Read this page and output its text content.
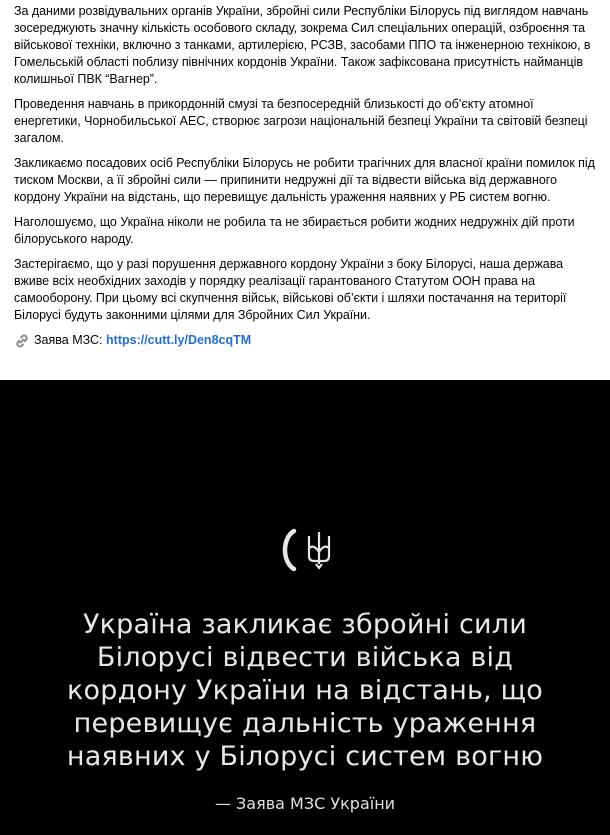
За даними розвідувальних органів України, збройні сили Республіки Білорусь під виглядом навчань зосереджують значну кількість особового складу, зокрема Сил спеціальних операцій, озброєння та військової техніки, включно з танками, артилерією, РСЗВ, засобами ППО та інженерною технікою, в Гомельській області поблизу північних кордонів України. Також зафіксована присутність найманців колишньої ПВК “Вагнер”.

Проведення навчань в прикордонній смузі та безпосередній близькості до об’єкту атомної енергетики, Чорнобильської АЕС, створює загрози національній безпеці України та світовій безпеці загалом.

Закликаємо посадових осіб Республіки Білорусь не робити трагічних для власної країни помилок під тиском Москви, а її збройні сили — припинити недружні дії та відвести війська від державного кордону України на відстань, що перевищує дальність ураження наявних у РБ систем вогню.

Наголошуємо, що Україна ніколи не робила та не збирається робити жодних недружніх дій проти білоруського народу.

Застерігаємо, що у разі порушення державного кордону України з боку Білорусі, наша держава вживе всіх необхідних заходів у порядку реалізації гарантованого Статутом ООН права на самооборону. При цьому всі скупчення військ, військові об’єкти і шляхи постачання на території Білорусі будуть законними цілями для Збройних Сил України.

Заява МЗС:
https://cutt.ly/Den8cqTM
Україна закликає збройні сили
Білорусі відвести війська від
кордону України на відстань, що
перевищує дальність ураження
наявних у Білорусі систем вогню
— Заява МЗС України
